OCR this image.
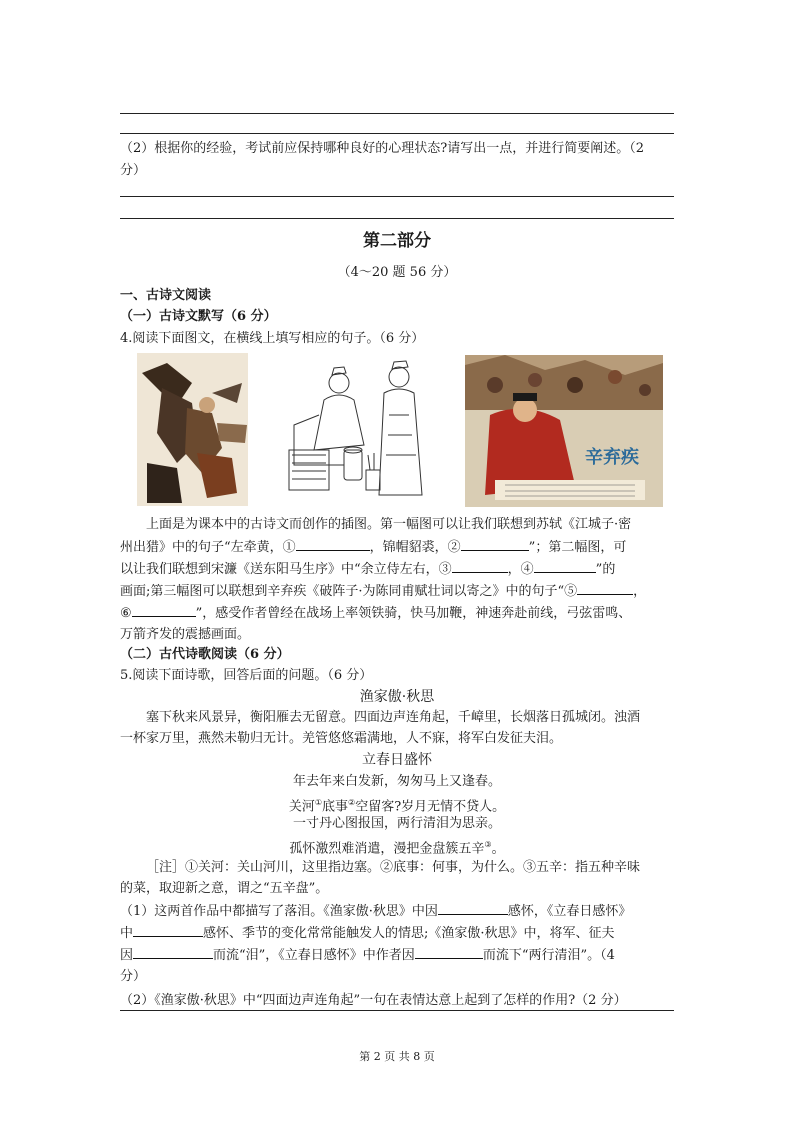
（2）根据你的经验，考试前应保持哪种良好的心理状态?请写出一点，并进行简要阐述。（2
分）
第二部分
（4～20 题 56 分）
一、古诗文阅读
（一）古诗文默写（6 分）
4.阅读下面图文，在横线上填写相应的句子。（6 分）
辛弃疾
上面是为课本中的古诗文而创作的插图。第一幅图可以让我们联想到苏轼《江城子·密
州出猎》中的句子“左牵黄，①	，锦帽貂裘，②	”；第二幅图，可
以让我们联想到宋濂《送东阳马生序》中“余立侍左右，③	，④	”的
画面;第三幅图可以联想到辛弃疾《破阵子·为陈同甫赋壮词以寄之》中的句子“⑤	，
⑥	”，感受作者曾经在战场上率领铁骑，快马加鞭，神速奔赴前线，弓弦雷鸣、
万箭齐发的震撼画面。
（二）古代诗歌阅读（6 分）
5.阅读下面诗歌，回答后面的问题。（6 分）
渔家傲·秋思
塞下秋来风景异，衡阳雁去无留意。四面边声连角起，千嶂里，长烟落日孤城闭。浊酒
一杯家万里，燕然未勒归无计。羌管悠悠霜满地，人不寐，将军白发征夫泪。
立春日盛怀
年去年来白发新，匆匆马上又逢春。
关河①底事②空留客?岁月无情不贷人。
一寸丹心图报国，两行清泪为思亲。
孤怀激烈难消遣，漫把金盘簇五辛③。
［注］①关河：关山河川，这里指边塞。②底事：何事，为什么。③五辛：指五种辛味
的菜，取迎新之意，谓之“五辛盘”。
（1）这两首作品中都描写了落泪。《渔家傲·秋思》中因	感怀，《立春日感怀》
中	感怀、季节的变化常常能触发人的情思;《渔家傲·秋思》中，将军、征夫
因	而流“泪”，《立春日感怀》中作者因	而流下“两行清泪”。（4
分）
（2）《渔家傲·秋思》中“四面边声连角起”一句在表情达意上起到了怎样的作用?（2 分）
第 2 页 共 8 页
